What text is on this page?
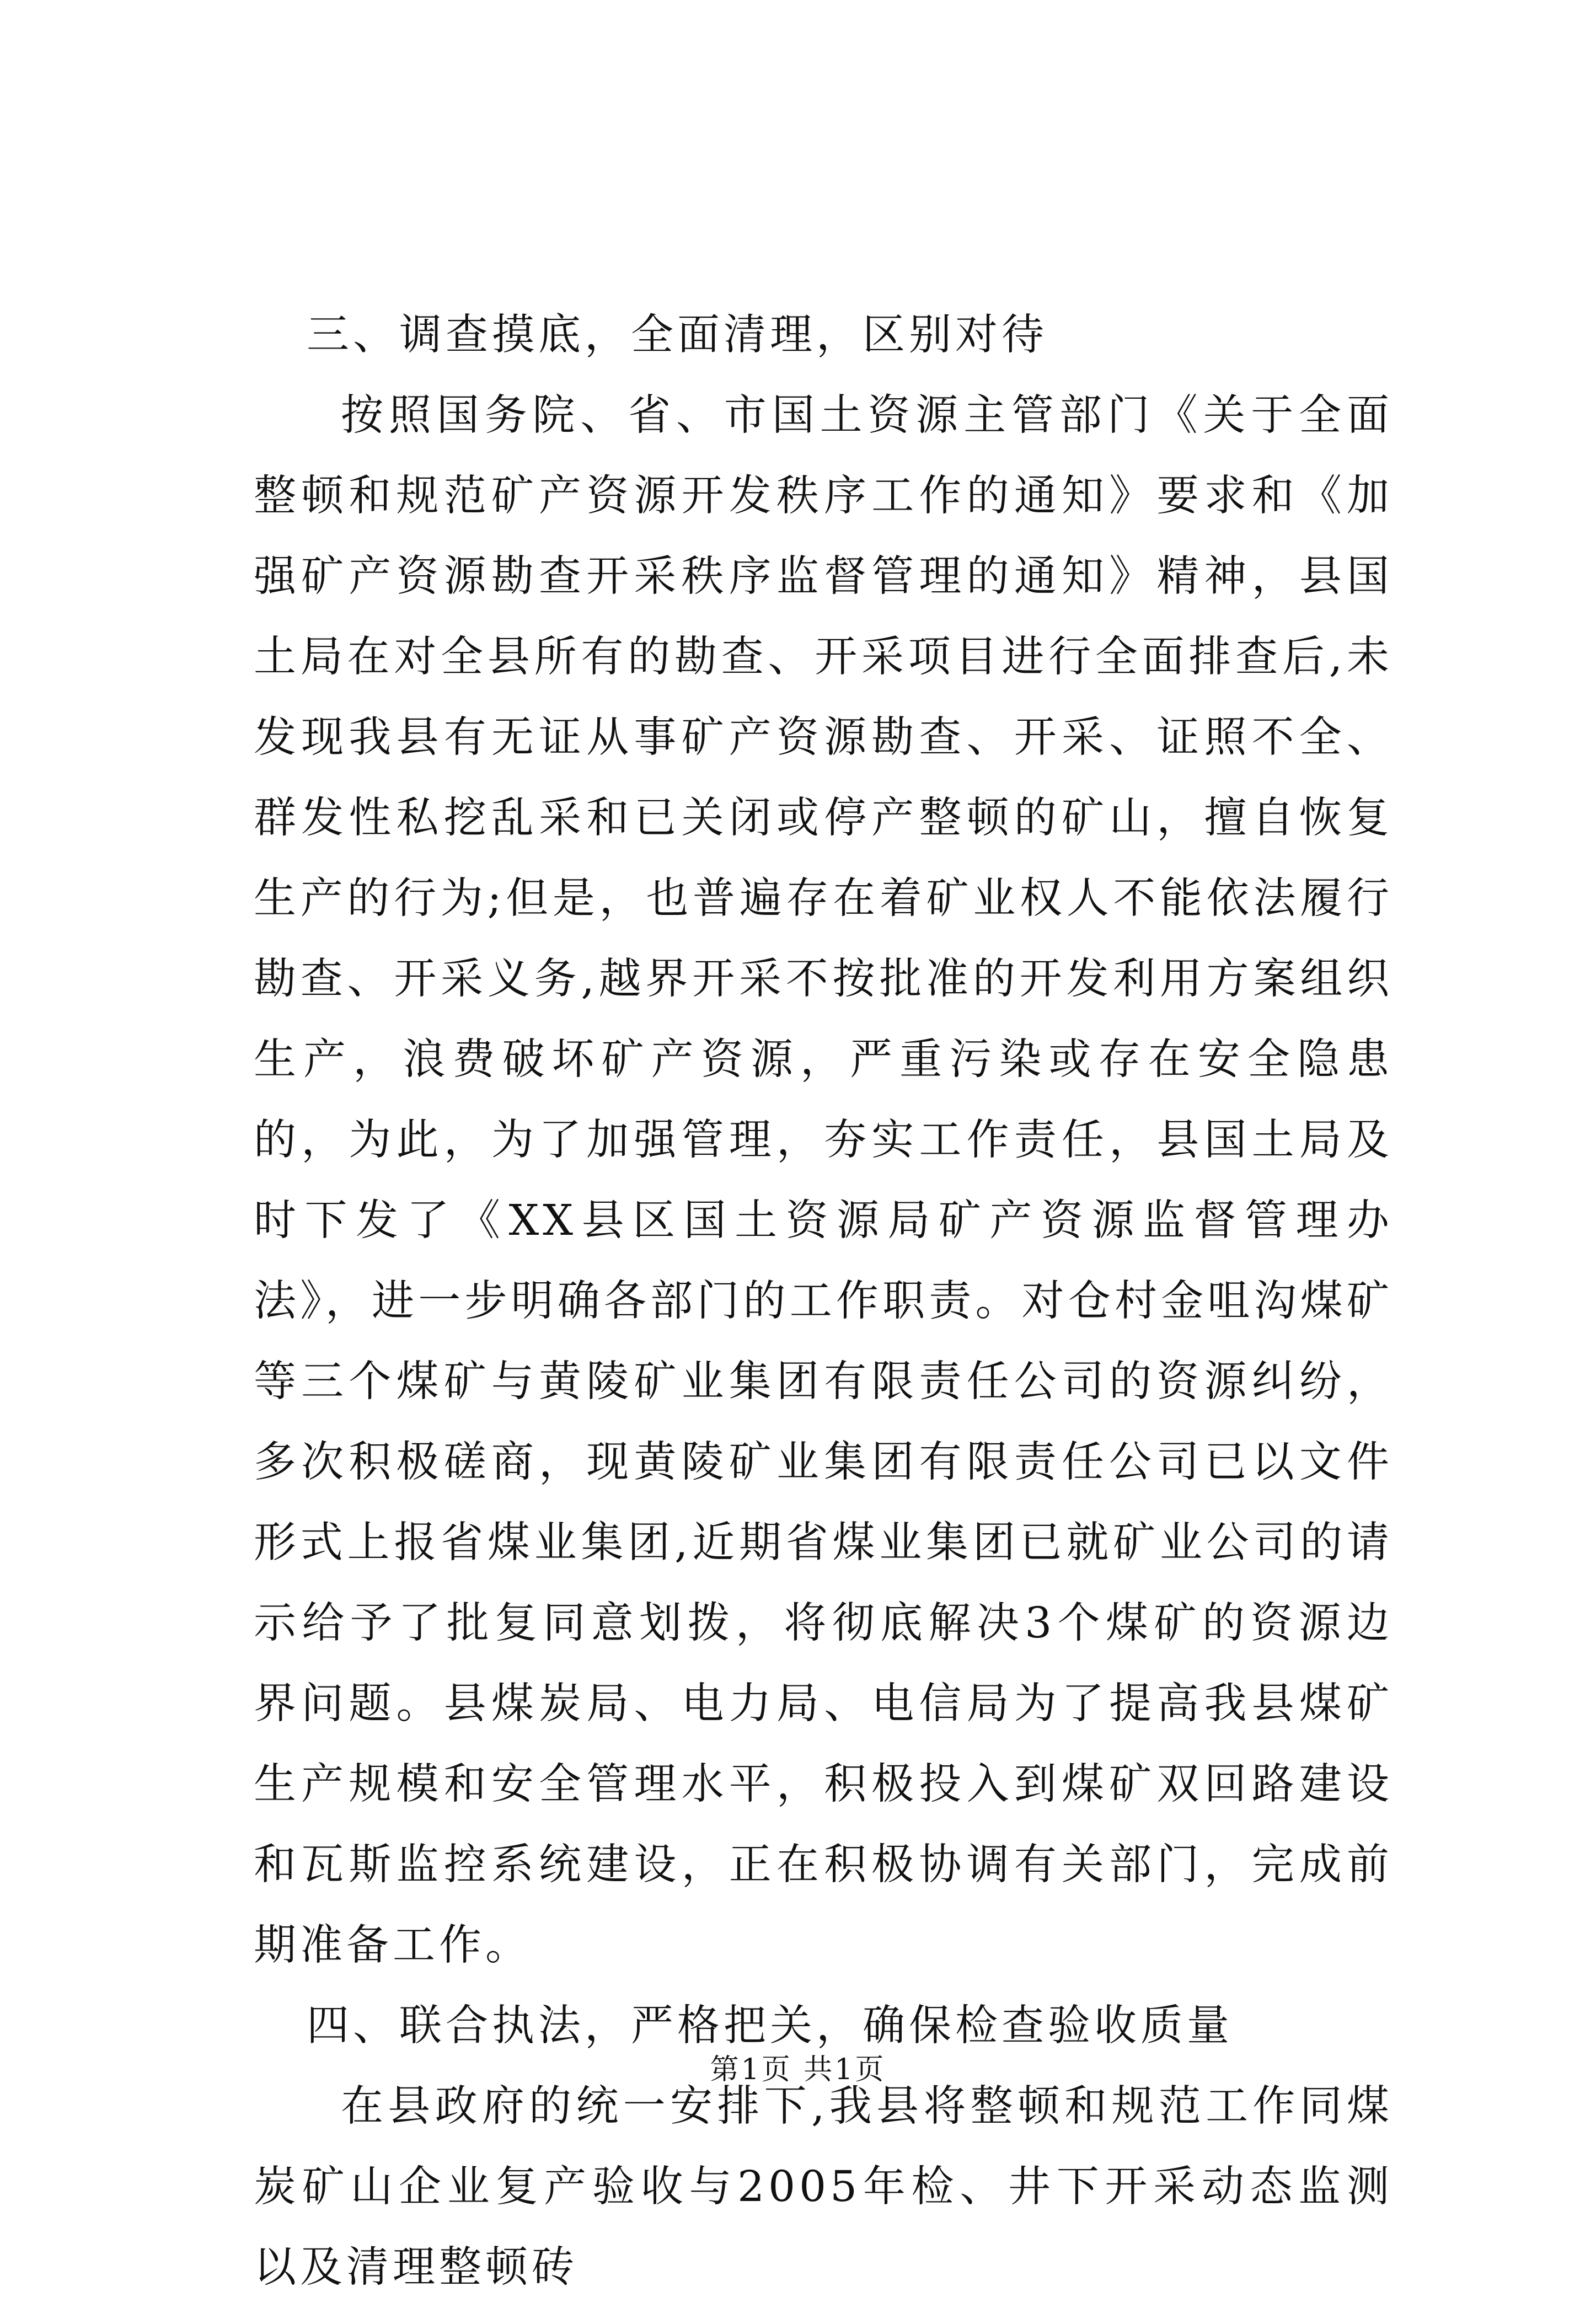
三、调查摸底，全面清理，区别对待

按照国务院、省、市国土资源主管部门《关于全面整顿和规范矿产资源开发秩序工作的通知》要求和《加强矿产资源勘查开采秩序监督管理的通知》精神，县国土局在对全县所有的勘查、开采项目进行全面排查后,未发现我县有无证从事矿产资源勘查、开采、证照不全、群发性私挖乱采和已关闭或停产整顿的矿山，擅自恢复生产的行为;但是，也普遍存在着矿业权人不能依法履行勘查、开采义务,越界开采不按批准的开发利用方案组织生产，浪费破坏矿产资源，严重污染或存在安全隐患的，为此，为了加强管理，夯实工作责任，县国土局及时下发了《XX县区国土资源局矿产资源监督管理办法》，进一步明确各部门的工作职责。对仓村金咀沟煤矿等三个煤矿与黄陵矿业集团有限责任公司的资源纠纷，多次积极磋商，现黄陵矿业集团有限责任公司已以文件形式上报省煤业集团,近期省煤业集团已就矿业公司的请示给予了批复同意划拨，将彻底解决3个煤矿的资源边界问题。县煤炭局、电力局、电信局为了提高我县煤矿生产规模和安全管理水平，积极投入到煤矿双回路建设和瓦斯监控系统建设，正在积极协调有关部门，完成前期准备工作。

四、联合执法，严格把关，确保检查验收质量

在县政府的统一安排下,我县将整顿和规范工作同煤炭矿山企业复产验收与2005年检、井下开采动态监测以及清理整顿砖

第1页 共1页
